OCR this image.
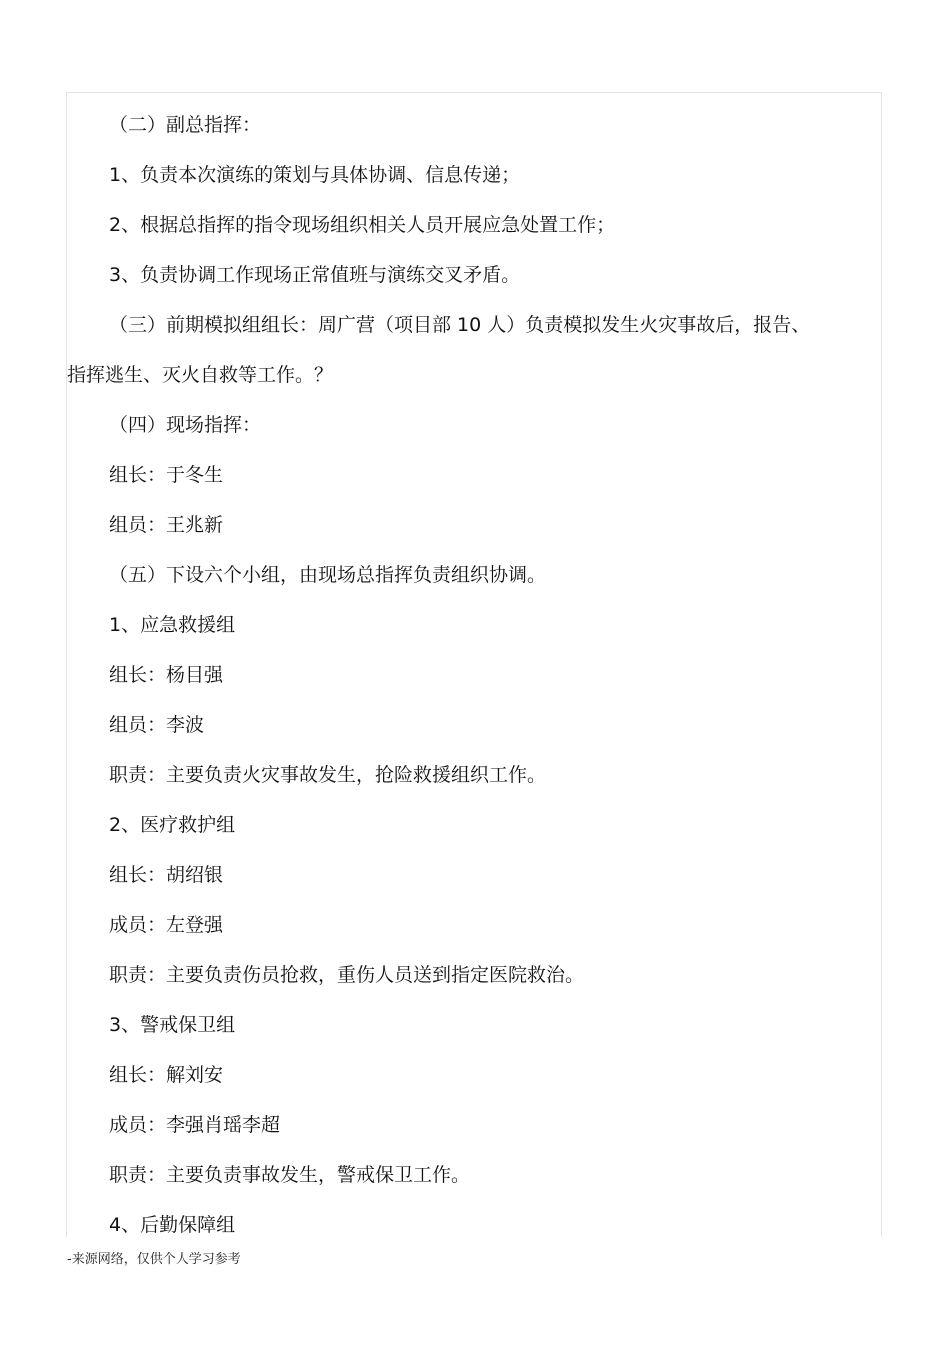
（二）副总指挥：
1、负责本次演练的策划与具体协调、信息传递；
2、根据总指挥的指令现场组织相关人员开展应急处置工作；
3、负责协调工作现场正常值班与演练交叉矛盾。
（三）前期模拟组组长：周广营（项目部 10 人）负责模拟发生火灾事故后，报告、
指挥逃生、灭火自救等工作。？
（四）现场指挥：
组长：于冬生
组员：王兆新
（五）下设六个小组，由现场总指挥负责组织协调。
1、应急救援组
组长：杨目强
组员：李波
职责：主要负责火灾事故发生，抢险救援组织工作。
2、医疗救护组
组长：胡绍银
成员：左登强
职责：主要负责伤员抢救，重伤人员送到指定医院救治。
3、警戒保卫组
组长：解刘安
成员：李强肖瑶李超
职责：主要负责事故发生，警戒保卫工作。
4、后勤保障组
-来源网络，仅供个人学习参考
